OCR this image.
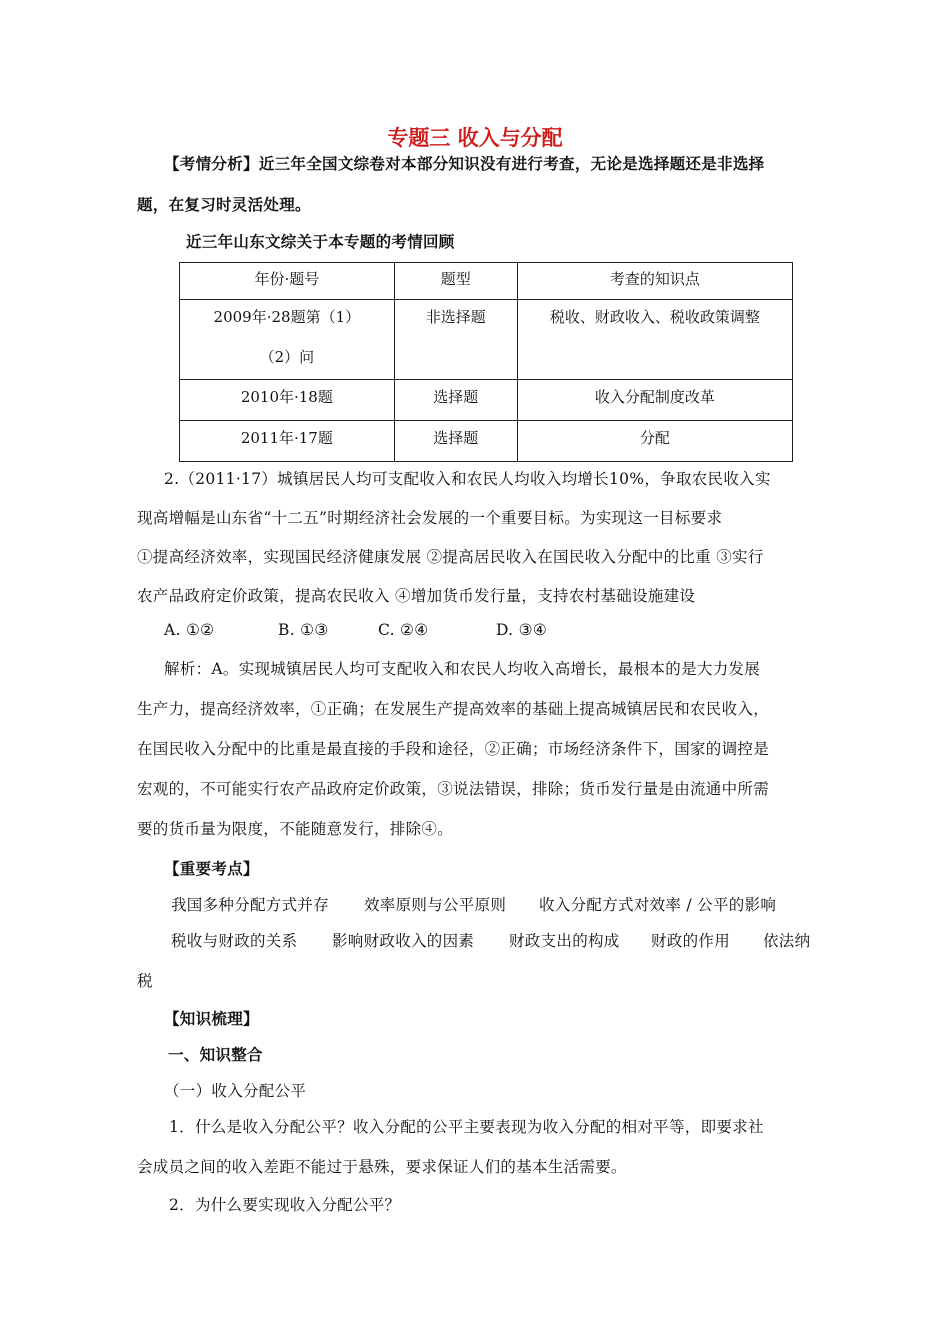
专题三 收入与分配
【考情分析】近三年全国文综卷对本部分知识没有进行考查，无论是选择题还是非选择
题，在复习时灵活处理。
近三年山东文综关于本专题的考情回顾
年份·题号	题型	考查的知识点

2009年·28题第（1）
（2）问	非选择题	税收、财政收入、税收政策调整
2010年·18题	选择题	收入分配制度改革
2011年·17题	选择题	分配
2.（2011·17）城镇居民人均可支配收入和农民人均收入均增长10%，争取农民收入实
现高增幅是山东省“十二五”时期经济社会发展的一个重要目标。为实现这一目标要求
①提高经济效率，实现国民经济健康发展 ②提高居民收入在国民收入分配中的比重 ③实行
农产品政府定价政策，提高农民收入 ④增加货币发行量，支持农村基础设施建设
A. ①②	B. ①③	C. ②④	D. ③④
解析：A。实现城镇居民人均可支配收入和农民人均收入高增长，最根本的是大力发展
生产力，提高经济效率，①正确；在发展生产提高效率的基础上提高城镇居民和农民收入，
在国民收入分配中的比重是最直接的手段和途径，②正确；市场经济条件下，国家的调控是
宏观的，不可能实行农产品政府定价政策，③说法错误，排除；货币发行量是由流通中所需
要的货币量为限度，不能随意发行，排除④。
【重要考点】
我国多种分配方式并存 效率原则与公平原则 收入分配方式对效率 / 公平的影响
税收与财政的关系 影响财政收入的因素 财政支出的构成 财政的作用 依法纳
税
【知识梳理】
一、知识整合
（一）收入分配公平
1．什么是收入分配公平？收入分配的公平主要表现为收入分配的相对平等，即要求社
会成员之间的收入差距不能过于悬殊，要求保证人们的基本生活需要。
2．为什么要实现收入分配公平？
